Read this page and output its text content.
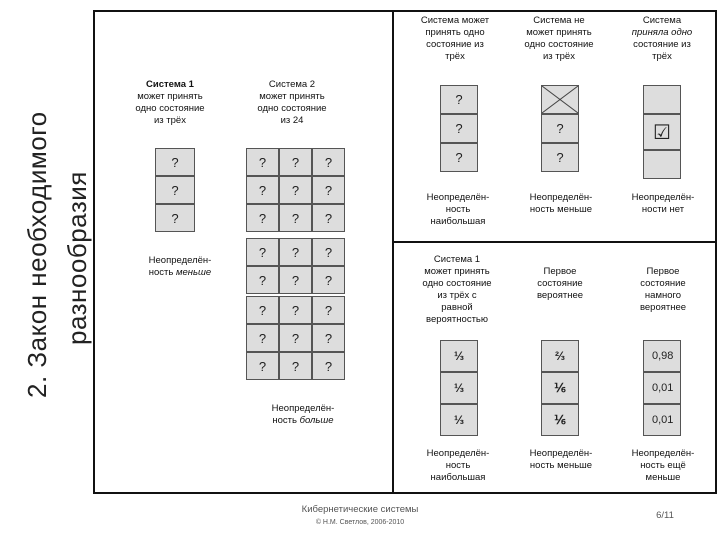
2. Закон необходимого разнообразия
Система 1
может принять
одно состояние
из трёх
Система 2
может принять
одно состояние
из 24
?
?
?
?	?	?
?	?	?
?	?	?
?	?	?
?	?	?
?	?	?
?	?	?
?	?	?
Неопределён-
ность меньше
Неопределён-
ность больше
Система может
принять одно
состояние из
трёх
Система не
может принять
одно состояние
из трёх
Система
приняла одно
состояние из
трёх
?
?
?
?
?
☑
Неопределён-
ность
наибольшая
Неопределён-
ность меньше
Неопределён-
ности нет
Система 1
может принять
одно состояние
из трёх с
равной
вероятностью
Первое
состояние
вероятнее
Первое
состояние
намного
вероятнее
⅓
⅓
⅓
⅔
⅙
⅙
0,98
0,01
0,01
Неопределён-
ность
наибольшая
Неопределён-
ность меньше
Неопределён-
ность ещё
меньше
Кибернетические системы
© Н.М. Светлов, 2006-2010
6/11
